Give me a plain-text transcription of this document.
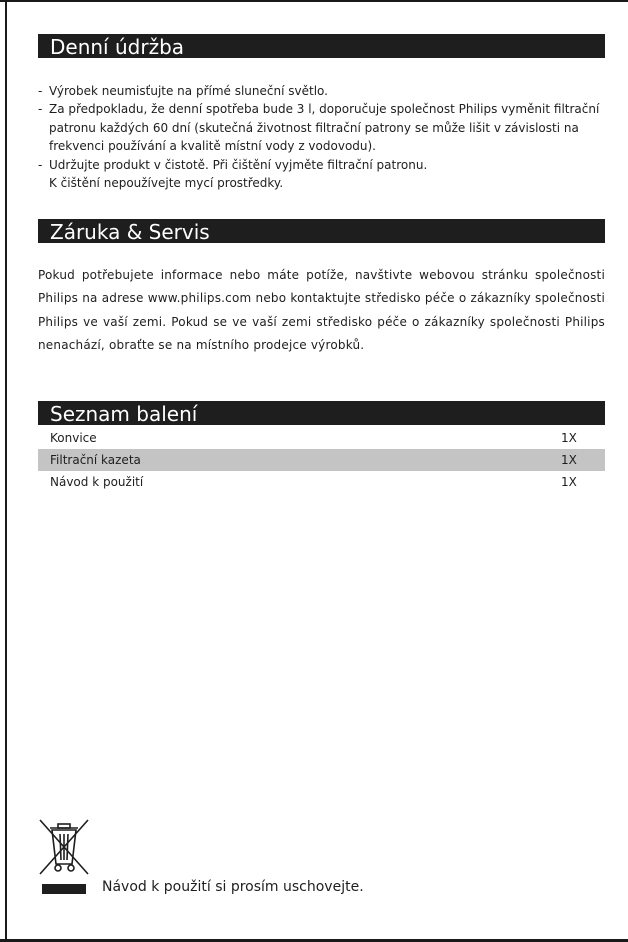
Denní údržba
- Výrobek neumisťujte na přímé sluneční světlo.
- Za předpokladu, že denní spotřeba bude 3 l, doporučuje společnost Philips vyměnit filtrační patronu každých 60 dní (skutečná životnost filtrační patrony se může lišit v závislosti na frekvenci používání a kvalitě místní vody z vodovodu).
- Udržujte produkt v čistotě. Při čištění vyjměte filtrační patronu.
K čištění nepoužívejte mycí prostředky.
Záruka & Servis
Pokud potřebujete informace nebo máte potíže, navštivte webovou stránku společnosti Philips na adrese www.philips.com nebo kontaktujte středisko péče o zákazníky společnosti Philips ve vaší zemi. Pokud se ve vaší zemi středisko péče o zákazníky společnosti Philips nenachází, obraťte se na místního prodejce výrobků.
Seznam balení
Konvice	1X
Filtrační kazeta	1X
Návod k použití	1X
Návod k použití si prosím uschovejte.
